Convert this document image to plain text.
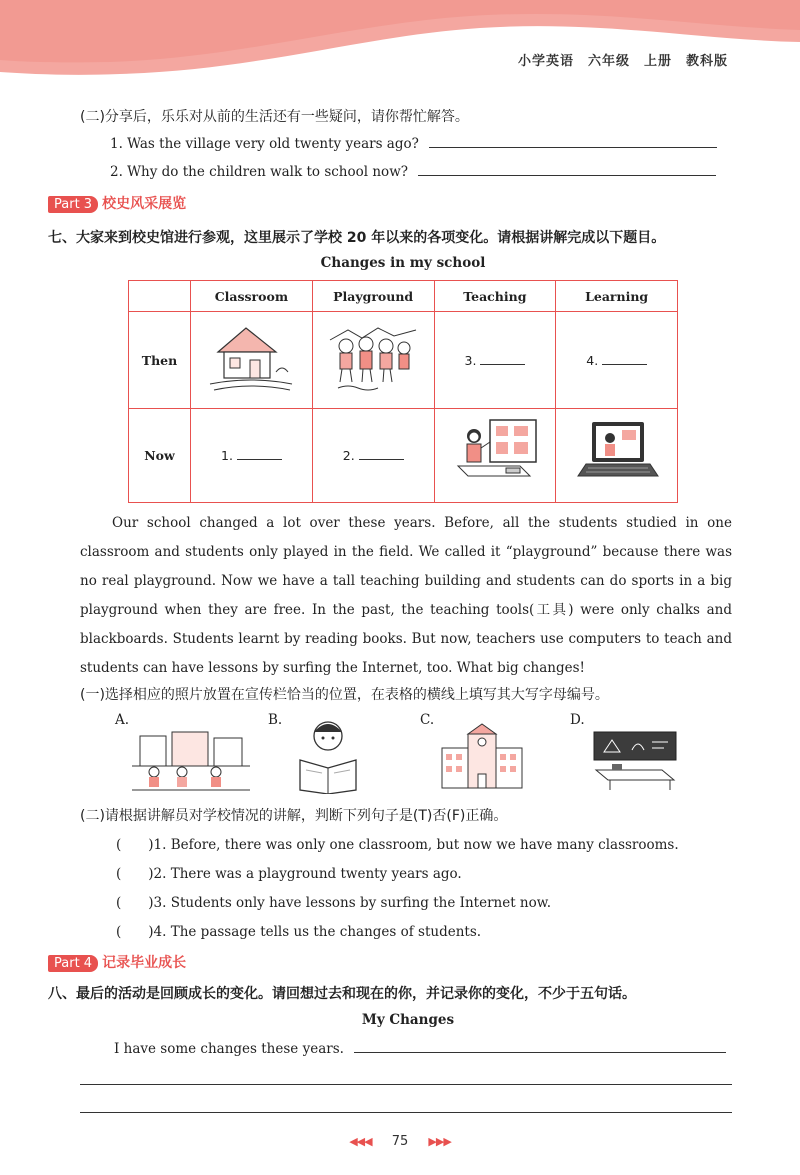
小学英语　六年级　上册　教科版
(二)分享后，乐乐对从前的生活还有一些疑问，请你帮忙解答。
1. Was the village very old twenty years ago?
2. Why do the children walk to school now?
Part 3 校史风采展览
七、大家来到校史馆进行参观，这里展示了学校 20 年以来的各项变化。请根据讲解完成以下题目。
Changes in my school
	Classroom	Playground	Teaching	Learning
Then			3.	4.
Now	1.	2.		

Our school changed a lot over these years. Before, all the students studied in one classroom and students only played in the field. We called it “playground” because there was no real playground. Now we have a tall teaching building and students can do sports in a big playground when they are free. In the past, the teaching tools(工具) were only chalks and blackboards. Students learnt by reading books. But now, teachers use computers to teach and students can have lessons by surfing the Internet, too. What big changes!

(一)选择相应的照片放置在宣传栏恰当的位置，在表格的横线上填写其大写字母编号。
A.	B.	C.	D.
(二)请根据讲解员对学校情况的讲解，判断下列句子是(T)否(F)正确。
(　　)1. Before, there was only one classroom, but now we have many classrooms.
(　　)2. There was a playground twenty years ago.
(　　)3. Students only have lessons by surfing the Internet now.
(　　)4. The passage tells us the changes of students.
Part 4 记录毕业成长
八、最后的活动是回顾成长的变化。请回想过去和现在的你，并记录你的变化，不少于五句话。
My Changes
I have some changes these years.
◀◀◀ 75 ▶▶▶
